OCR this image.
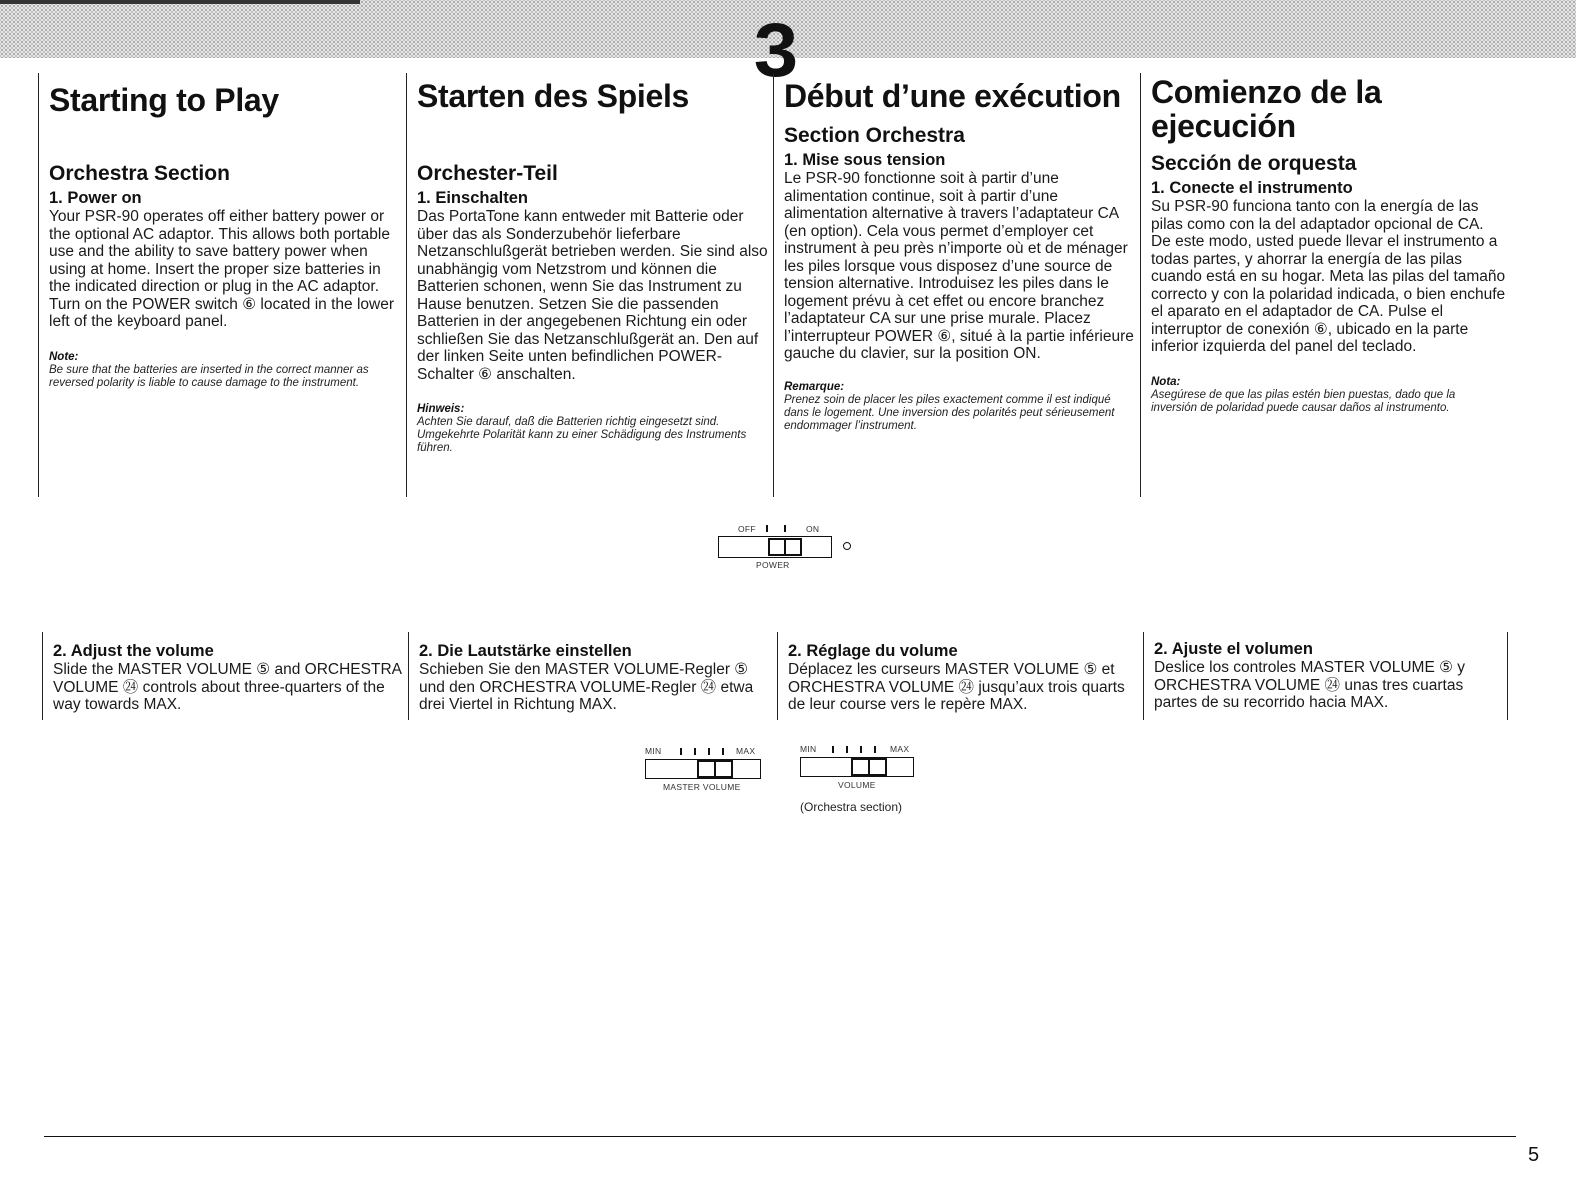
3
Starting to Play
Orchestra Section
1. Power on

Your PSR-90 operates off either battery power or the optional AC adaptor. This allows both portable use and the ability to save battery power when using at home. Insert the proper size batteries in the indicated direction or plug in the AC adaptor. Turn on the POWER switch ⑥ located in the lower left of the keyboard panel.

Note:

Be sure that the batteries are inserted in the correct manner as reversed polarity is liable to cause damage to the instrument.

Starten des Spiels
Orchester-Teil
1. Einschalten

Das PortaTone kann entweder mit Batterie oder über das als Sonderzubehör lieferbare Netzanschlußgerät betrieben werden. Sie sind also unabhängig vom Netzstrom und können die Batterien schonen, wenn Sie das Instrument zu Hause benutzen. Setzen Sie die passenden Batterien in der angegebenen Richtung ein oder schließen Sie das Netzanschlußgerät an. Den auf der linken Seite unten befindlichen POWER-Schalter ⑥ anschalten.

Hinweis:

Achten Sie darauf, daß die Batterien richtig eingesetzt sind. Umgekehrte Polarität kann zu einer Schädigung des Instruments führen.

Début d’une exécution
Section Orchestra
1. Mise sous tension

Le PSR-90 fonctionne soit à partir d’une alimentation continue, soit à partir d’une alimentation alternative à travers l’adaptateur CA (en option). Cela vous permet d’employer cet instrument à peu près n’importe où et de ménager les piles lorsque vous disposez d’une source de tension alternative. Introduisez les piles dans le logement prévu à cet effet ou encore branchez l’adaptateur CA sur une prise murale. Placez l’interrupteur POWER ⑥, situé à la partie inférieure gauche du clavier, sur la position ON.

Remarque:

Prenez soin de placer les piles exactement comme il est indiqué dans le logement. Une inversion des polarités peut sérieusement endommager l’instrument.

Comienzo de la ejecución
Sección de orquesta
1. Conecte el instrumento

Su PSR-90 funciona tanto con la energía de las pilas como con la del adaptador opcional de CA. De este modo, usted puede llevar el instrumento a todas partes, y ahorrar la energía de las pilas cuando está en su hogar. Meta las pilas del tamaño correcto y con la polaridad indicada, o bien enchufe el aparato en el adaptador de CA. Pulse el interruptor de conexión ⑥, ubicado en la parte inferior izquierda del panel del teclado.

Nota:

Asegúrese de que las pilas estén bien puestas, dado que la inversión de polaridad puede causar daños al instrumento.

OFF	ON
POWER
2. Adjust the volume

Slide the MASTER VOLUME ⑤ and ORCHESTRA VOLUME ㉔ controls about three-quarters of the way towards MAX.

2. Die Lautstärke einstellen

Schieben Sie den MASTER VOLUME-Regler ⑤ und den ORCHESTRA VOLUME-Regler ㉔ etwa drei Viertel in Richtung MAX.

2. Réglage du volume

Déplacez les curseurs MASTER VOLUME ⑤ et ORCHESTRA VOLUME ㉔ jusqu’aux trois quarts de leur course vers le repère MAX.

2. Ajuste el volumen

Deslice los controles MASTER VOLUME ⑤ y ORCHESTRA VOLUME ㉔ unas tres cuartas partes de su recorrido hacia MAX.

MIN	MAX
MASTER VOLUME
MIN	MAX
VOLUME
(Orchestra section)
5
